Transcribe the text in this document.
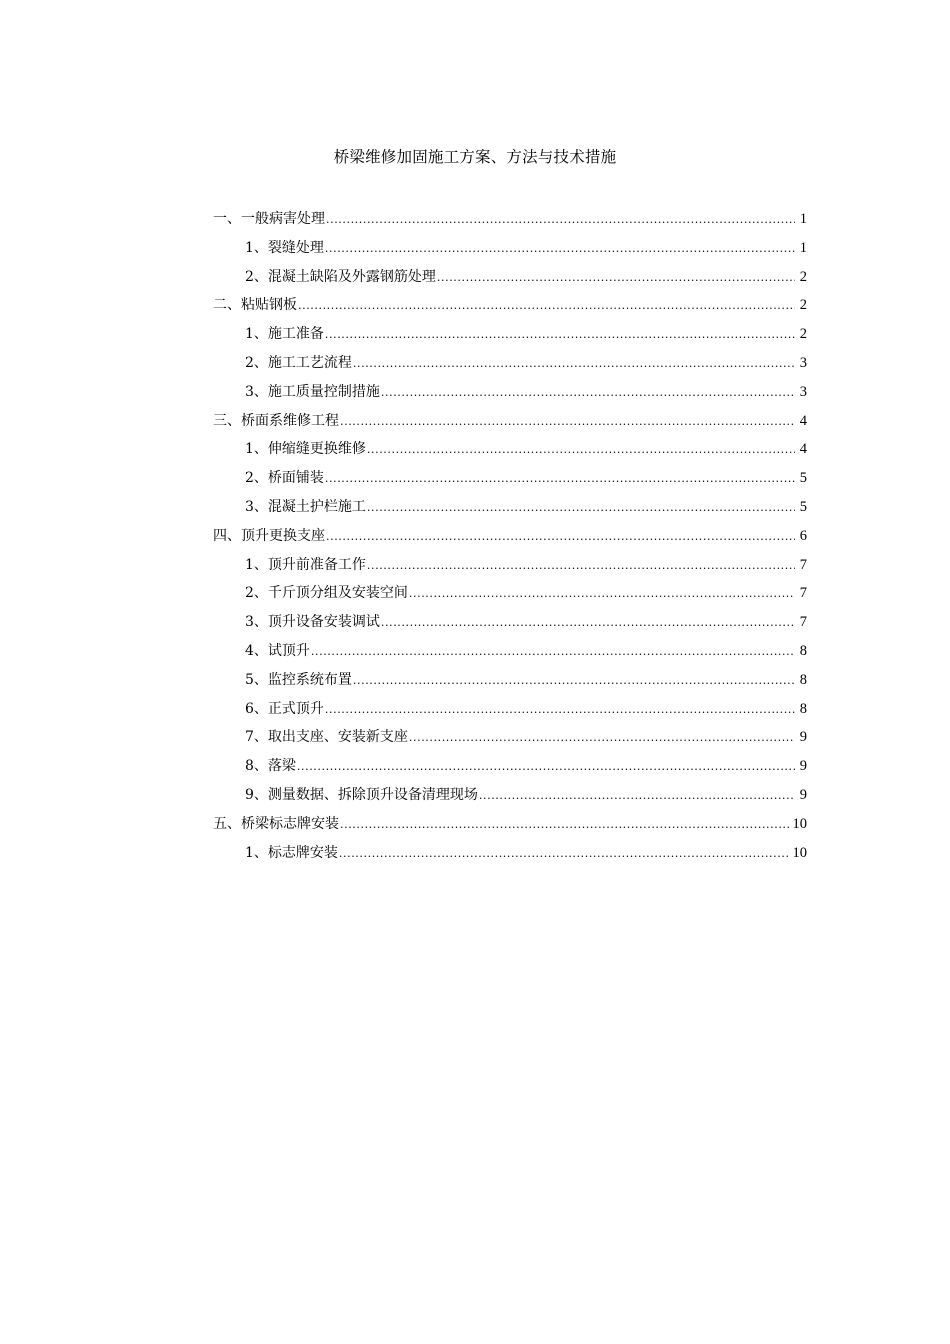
桥梁维修加固施工方案、方法与技术措施
一、一般病害处理 .....	1
1、裂缝处理 .....	1
2、混凝土缺陷及外露钢筋处理 .....	2
二、粘贴钢板 .....	2
1、施工准备 .....	2
2、施工工艺流程 .....	3
3、施工质量控制措施 .....	3
三、桥面系维修工程 .....	4
1、伸缩缝更换维修 .....	4
2、桥面铺装 .....	5
3、混凝土护栏施工 .....	5
四、顶升更换支座 .....	6
1、顶升前准备工作 .....	7
2、千斤顶分组及安装空间 .....	7
3、顶升设备安装调试 .....	7
4、试顶升 .....	8
5、监控系统布置 .....	8
6、正式顶升 .....	8
7、取出支座、安装新支座 .....	9
8、落梁 .....	9
9、测量数据、拆除顶升设备清理现场 .....	9
五、桥梁标志牌安装 .....	10
1、标志牌安装 .....	10
